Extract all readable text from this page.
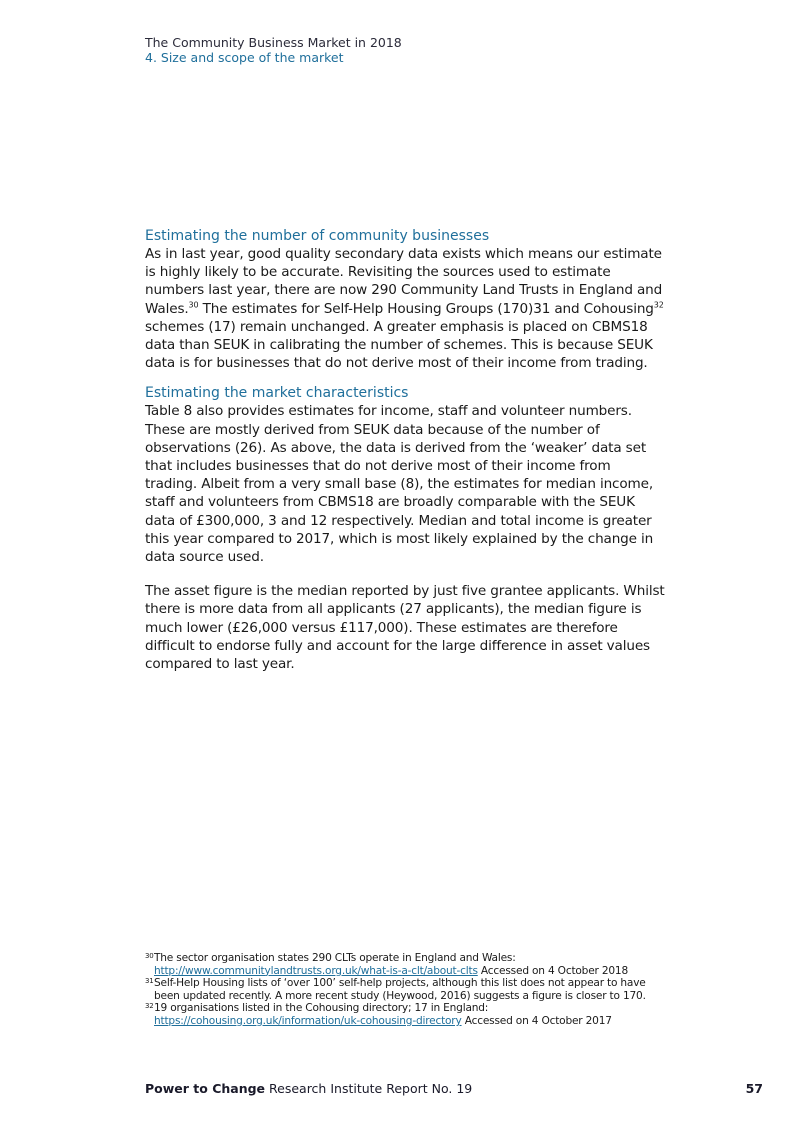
The Community Business Market in 2018
4. Size and scope of the market
Estimating the number of community businesses

As in last year, good quality secondary data exists which means our estimate is highly likely to be accurate. Revisiting the sources used to estimate numbers last year, there are now 290 Community Land Trusts in England and Wales.$^{30}$ The estimates for Self-Help Housing Groups (170)31 and Cohousing$^{32}$ schemes (17) remain unchanged. A greater emphasis is placed on CBMS18 data than SEUK in calibrating the number of schemes. This is because SEUK data is for businesses that do not derive most of their income from trading.

Estimating the market characteristics

Table 8 also provides estimates for income, staff and volunteer numbers. These are mostly derived from SEUK data because of the number of observations (26). As above, the data is derived from the ‘weaker’ data set that includes businesses that do not derive most of their income from trading. Albeit from a very small base (8), the estimates for median income, staff and volunteers from CBMS18 are broadly comparable with the SEUK data of £300,000, 3 and 12 respectively. Median and total income is greater this year compared to 2017, which is most likely explained by the change in data source used.

The asset figure is the median reported by just five grantee applicants. Whilst there is more data from all applicants (27 applicants), the median figure is much lower (£26,000 versus £117,000). These estimates are therefore difficult to endorse fully and account for the large difference in asset values compared to last year.

30 The sector organisation states 290 CLTs operate in England and Wales: http://www.communitylandtrusts.org.uk/what-is-a-clt/about-clts Accessed on 4 October 2018
31 Self-Help Housing lists of ‘over 100’ self-help projects, although this list does not appear to have been updated recently. A more recent study (Heywood, 2016) suggests a figure is closer to 170.
32 19 organisations listed in the Cohousing directory; 17 in England: https://cohousing.org.uk/information/uk-cohousing-directory Accessed on 4 October 2017
Power to Change Research Institute Report No. 19	57
